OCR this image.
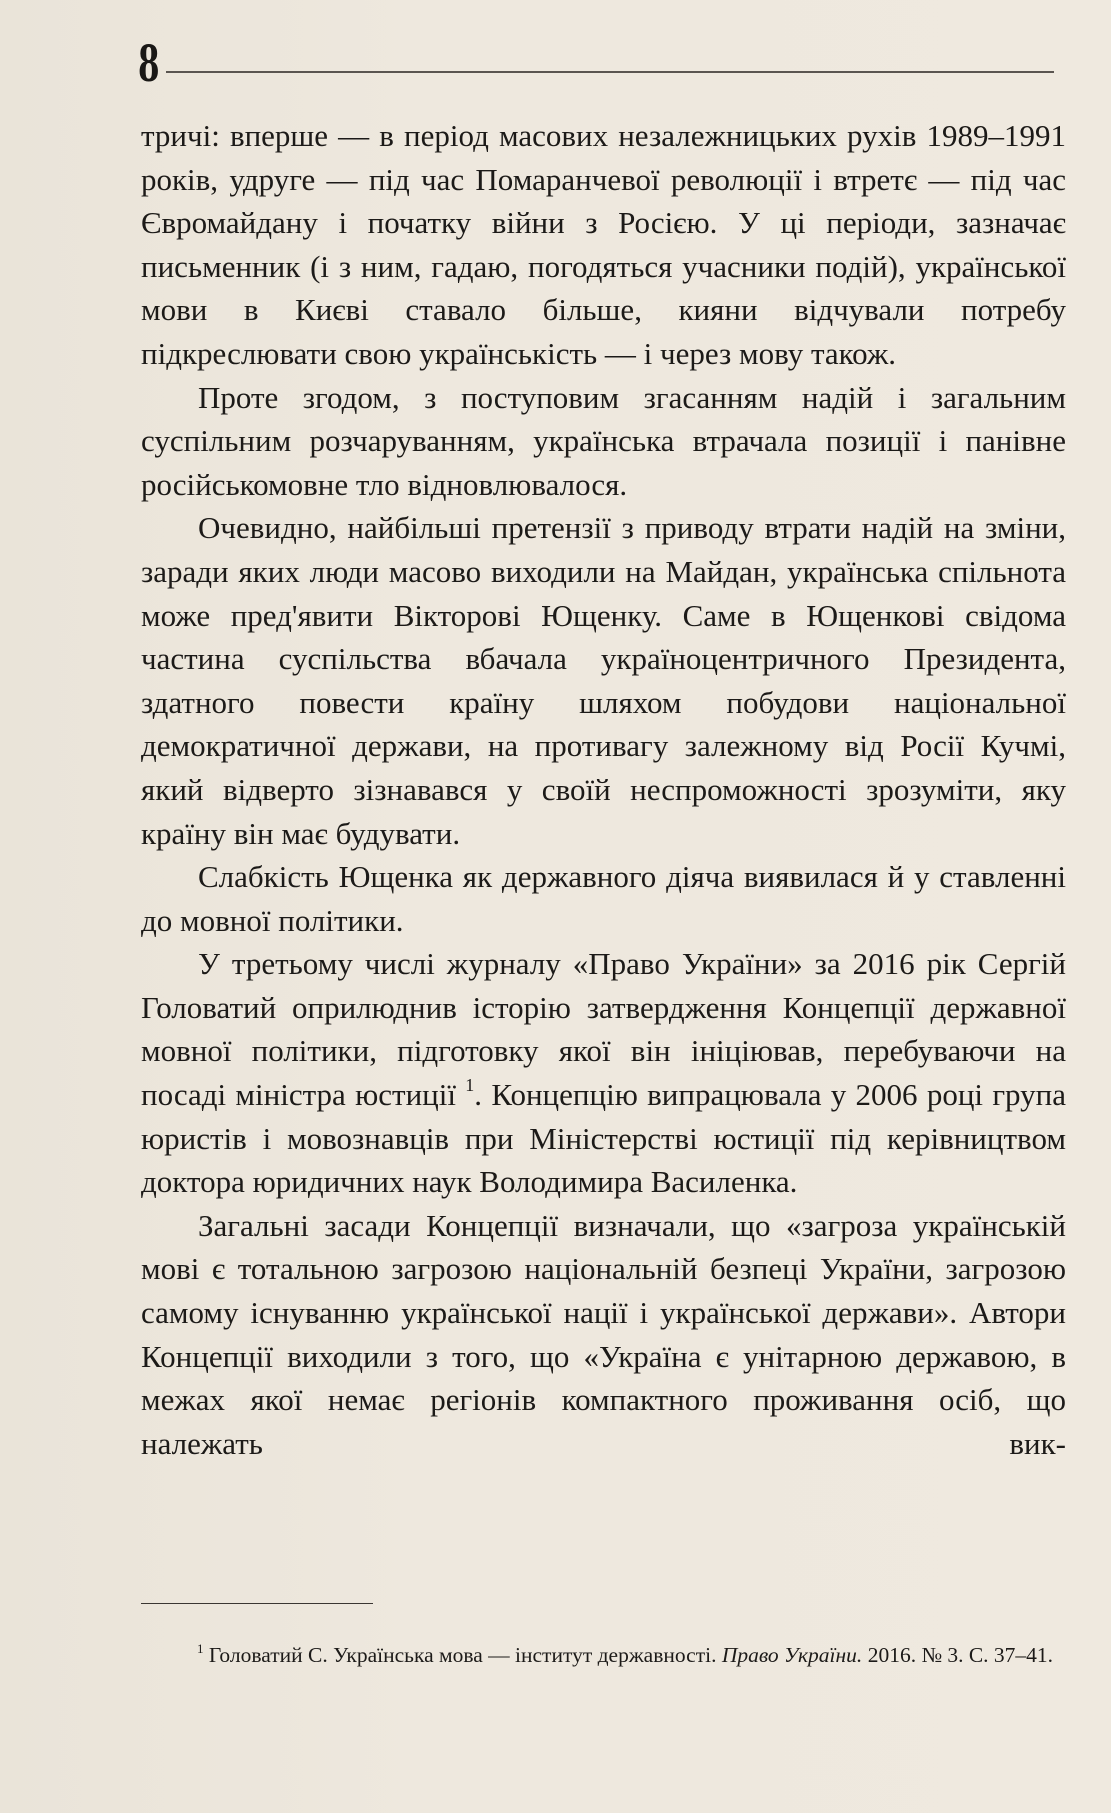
8

тричі: вперше — в період масових незалежницьких рухів 1989–1991 років, удруге — під час Помаранчевої революції і втретє — під час Євромайдану і початку війни з Росією. У ці періоди, зазначає письменник (і з ним, гадаю, погодяться учасники подій), української мови в Києві ставало більше, кияни відчували потребу підкреслювати свою українськість — і через мову також.

Проте згодом, з поступовим згасанням надій і загальним суспільним розчаруванням, українська втрачала позиції і панівне російськомовне тло відновлювалося.

Очевидно, найбільші претензії з приводу втрати надій на зміни, заради яких люди масово виходили на Майдан, українська спільнота може пред'явити Вікторові Ющенку. Саме в Ющенкові свідома частина суспільства вбачала україноцентричного Президента, здатного повести країну шляхом побудови національної демократичної держави, на противагу залежному від Росії Кучмі, який відверто зізнавався у своїй неспроможності зрозуміти, яку країну він має будувати.

Слабкість Ющенка як державного діяча виявилася й у ставленні до мовної політики.

У третьому числі журналу «Право України» за 2016 рік Сергій Головатий оприлюднив історію затвердження Концепції державної мовної політики, підготовку якої він ініціював, перебуваючи на посаді міністра юстиції $^1$. Концепцію випрацювала у 2006 році група юристів і мовознавців при Міністерстві юстиції під керівництвом доктора юридичних наук Володимира Василенка.

Загальні засади Концепції визначали, що «загроза українській мові є тотальною загрозою національній безпеці України, загрозою самому існуванню української нації і української держави». Автори Концепції виходили з того, що «Україна є унітарною державою, в межах якої немає регіонів компактного проживання осіб, що належать вик-

$^1$ Головатий С. Українська мова — інститут державності. Право України. 2016. № 3. С. 37–41.
